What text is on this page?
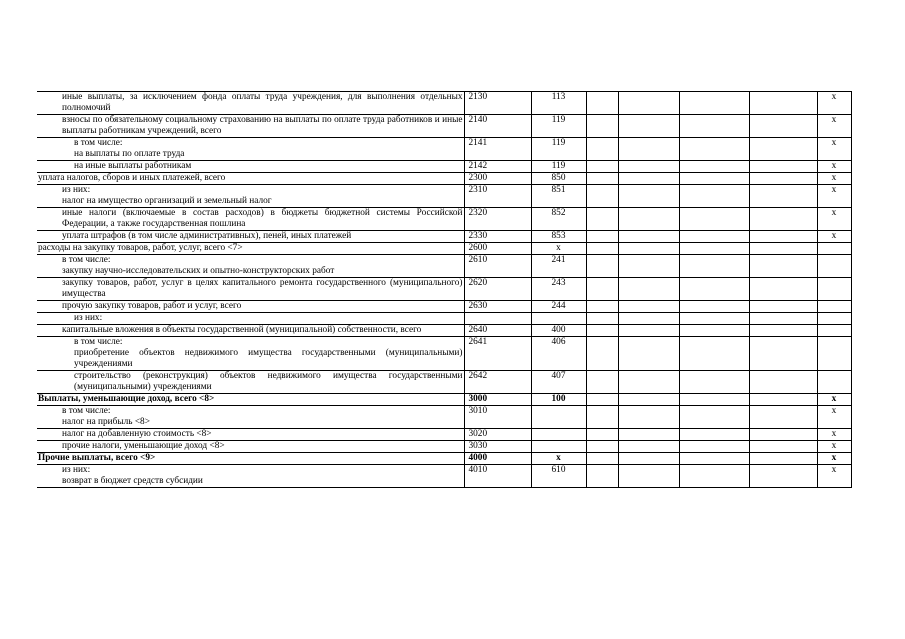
иные выплаты, за исключением фонда оплаты труда учреждения, для выполнения отдельных полномочий	2130	113					х

взносы по обязательному социальному страхованию на выплаты по оплате труда работников и иные выплаты работникам учреждений, всего	2140	119					х

в том числе:
на выплаты по оплате труда	2141	119					х

на иные выплаты работникам	2142	119					х

уплата налогов, сборов и иных платежей, всего	2300	850					х

из них:
налог на имущество организаций и земельный налог	2310	851					х

иные налоги (включаемые в состав расходов) в бюджеты бюджетной системы Российской Федерации, а также государственная пошлина	2320	852					х

уплата штрафов (в том числе административных), пеней, иных платежей	2330	853					х

расходы на закупку товаров, работ, услуг, всего <7>	2600	х					

в том числе:
закупку научно-исследовательских и опытно-конструкторских работ	2610	241					

закупку товаров, работ, услуг в целях капитального ремонта государственного (муниципального) имущества	2620	243					

прочую закупку товаров, работ и услуг, всего	2630	244					

из них:							

капитальные вложения в объекты государственной (муниципальной) собственности, всего	2640	400					

в том числе:
приобретение объектов недвижимого имущества государственными (муниципальными) учреждениями	2641	406					

строительство (реконструкция) объектов недвижимого имущества государственными (муниципальными) учреждениями	2642	407					

Выплаты, уменьшающие доход, всего <8>	3000	100					х

в том числе:
налог на прибыль <8>	3010						х

налог на добавленную стоимость <8>	3020						х

прочие налоги, уменьшающие доход <8>	3030						х

Прочие выплаты, всего <9>	4000	х					х

из них:
возврат в бюджет средств субсидии	4010	610					х
